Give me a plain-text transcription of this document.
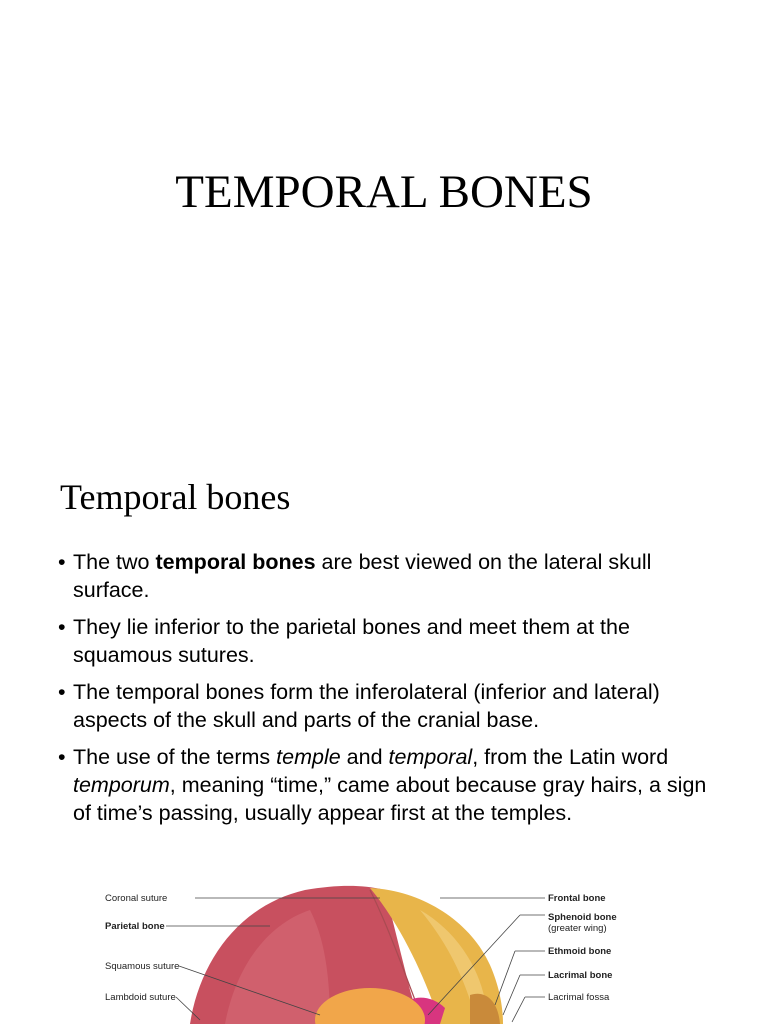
TEMPORAL BONES
Temporal bones
• The two temporal bones are best viewed on the lateral skull surface.
• They lie inferior to the parietal bones and meet them at the squamous sutures.
• The temporal bones form the inferolateral (inferior and lateral) aspects of the skull and parts of the cranial base.
• The use of the terms temple and temporal, from the Latin word temporum, meaning “time,” came about because gray hairs, a sign of time’s passing, usually appear first at the temples.
Coronal suture
Parietal bone
Squamous suture
Lambdoid suture
Frontal bone
Sphenoid bone
(greater wing)
Ethmoid bone
Lacrimal bone
Lacrimal fossa
